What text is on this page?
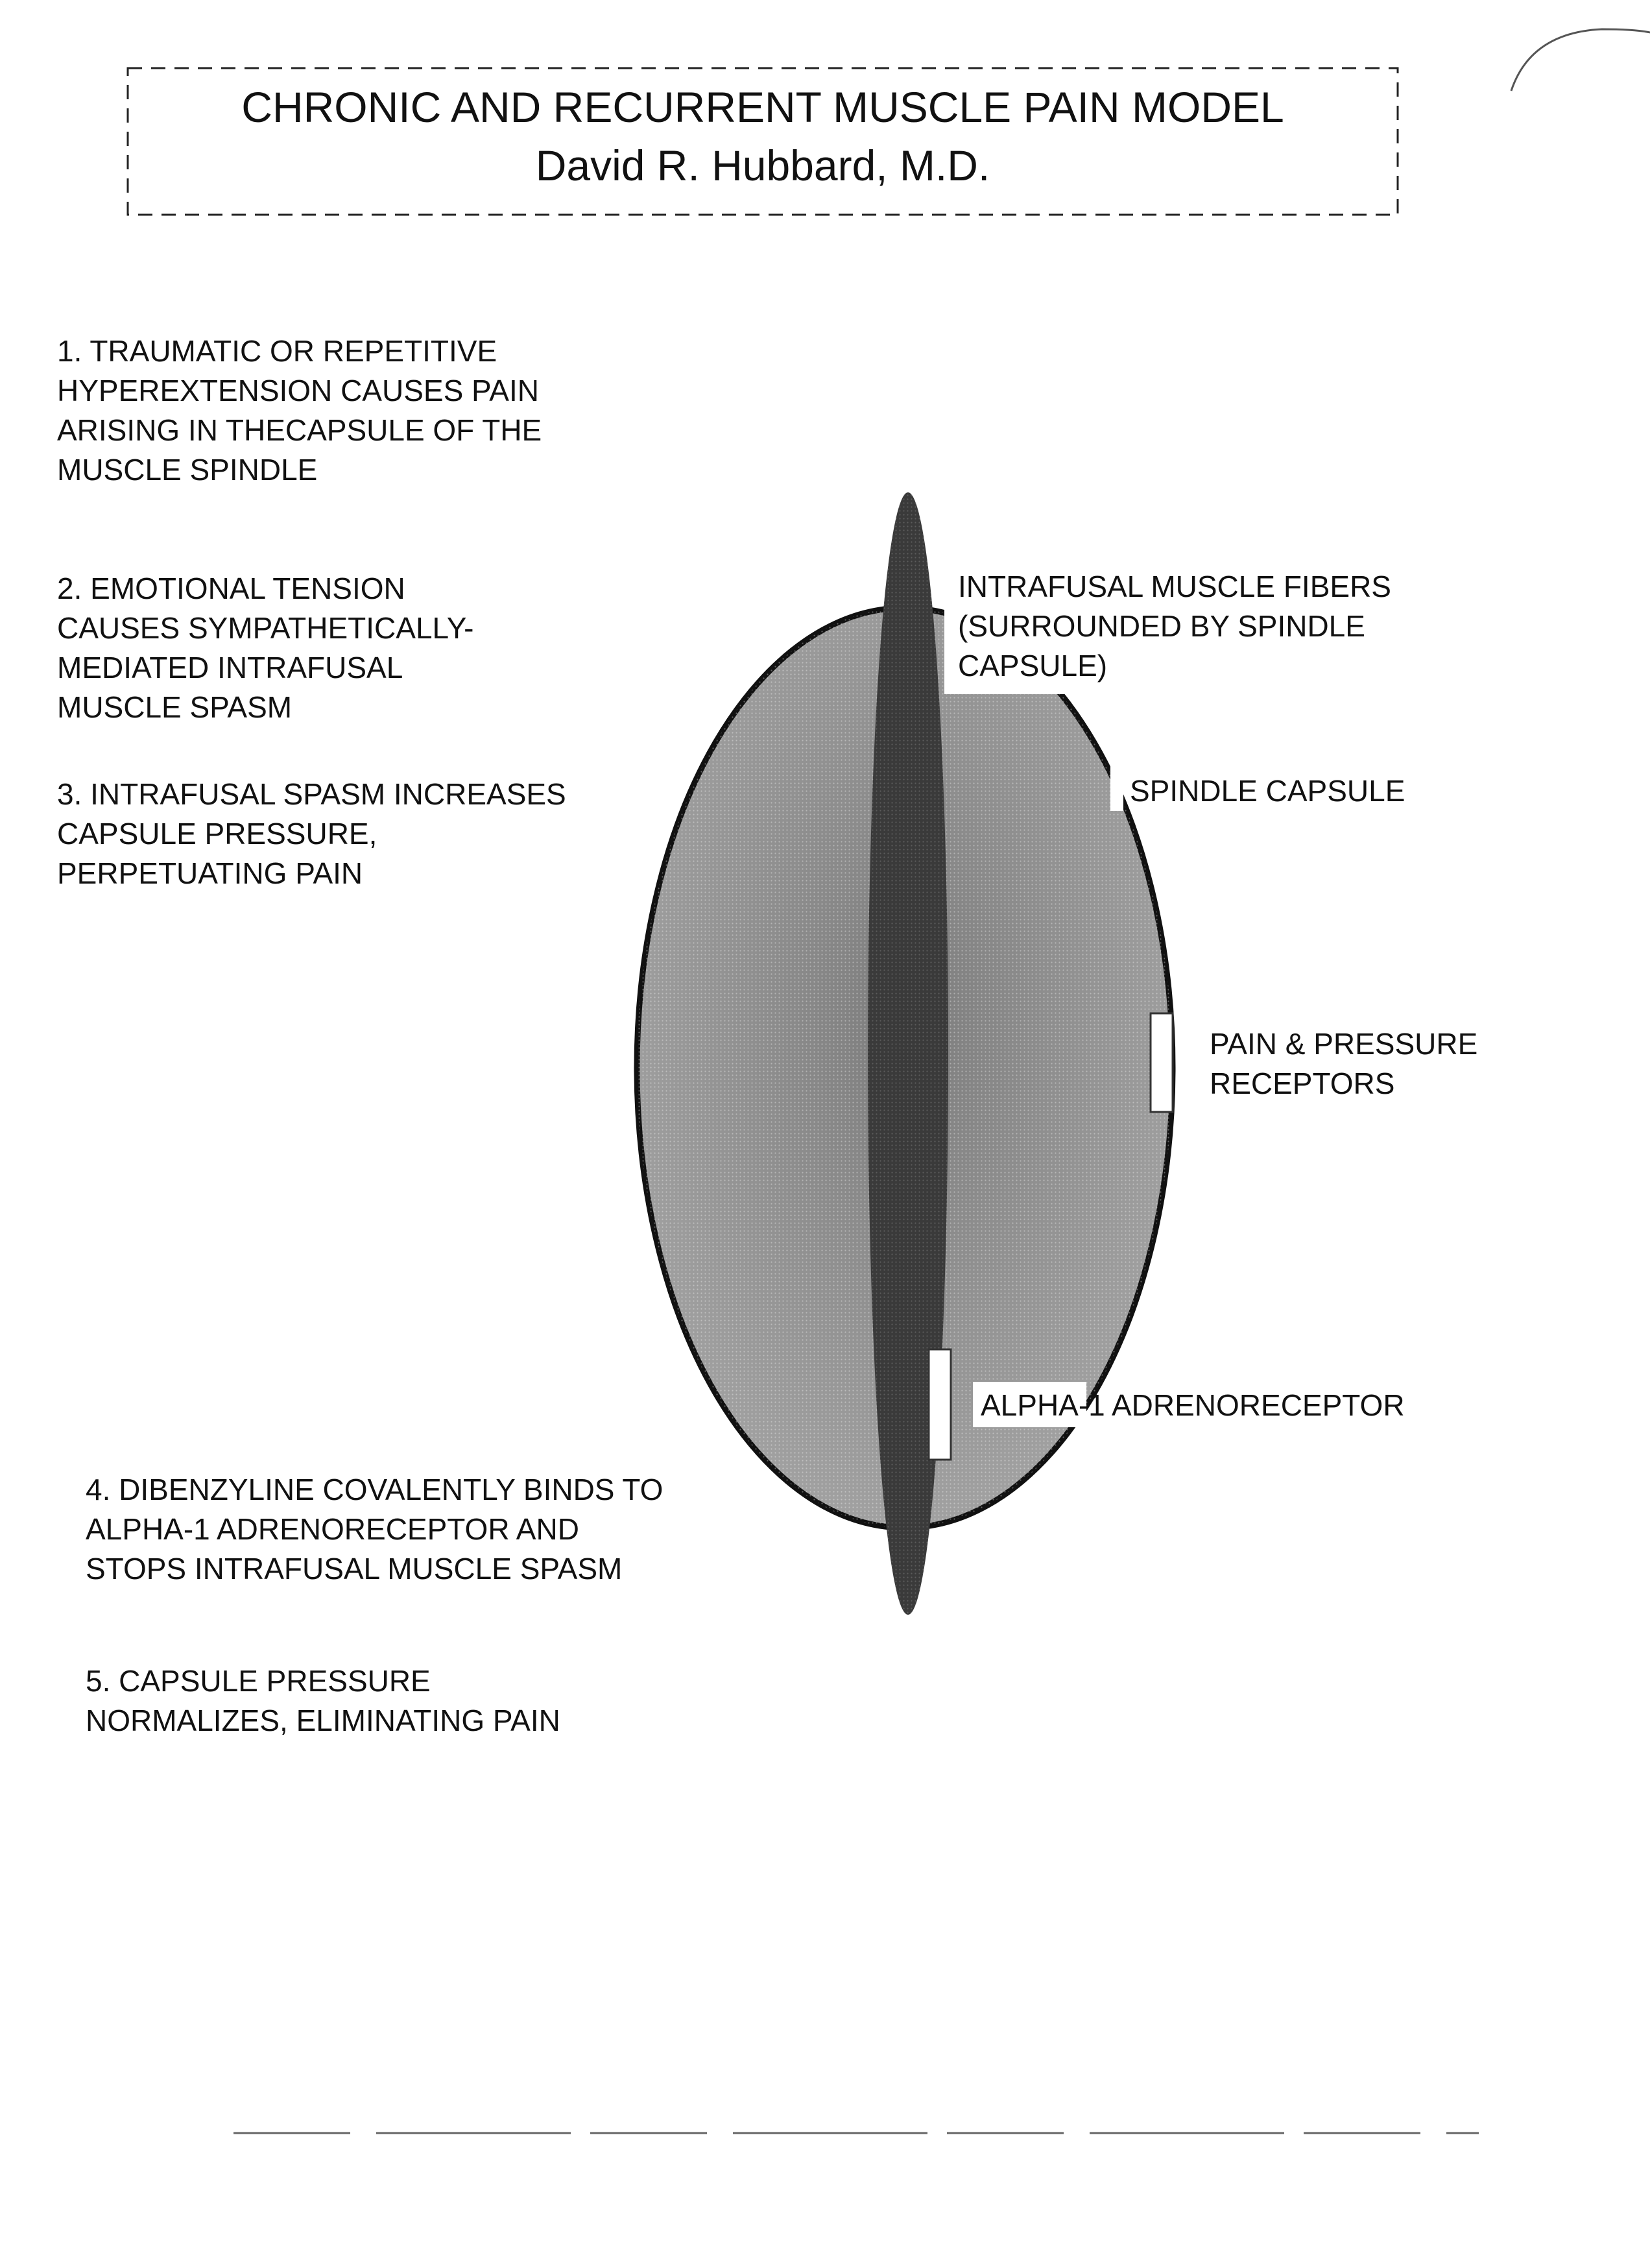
CHRONIC AND RECURRENT MUSCLE PAIN MODEL
David R. Hubbard, M.D.
1. TRAUMATIC OR REPETITIVE
HYPEREXTENSION CAUSES PAIN
ARISING IN THECAPSULE OF THE
MUSCLE SPINDLE
2. EMOTIONAL TENSION
CAUSES SYMPATHETICALLY-
MEDIATED INTRAFUSAL
MUSCLE SPASM
3. INTRAFUSAL SPASM INCREASES
CAPSULE PRESSURE,
PERPETUATING PAIN
4. DIBENZYLINE COVALENTLY BINDS TO
ALPHA-1 ADRENORECEPTOR AND
STOPS INTRAFUSAL MUSCLE SPASM
5. CAPSULE PRESSURE
NORMALIZES, ELIMINATING PAIN
INTRAFUSAL MUSCLE FIBERS
(SURROUNDED BY SPINDLE
CAPSULE)
SPINDLE CAPSULE
PAIN & PRESSURE
RECEPTORS
ALPHA-1 ADRENORECEPTOR
